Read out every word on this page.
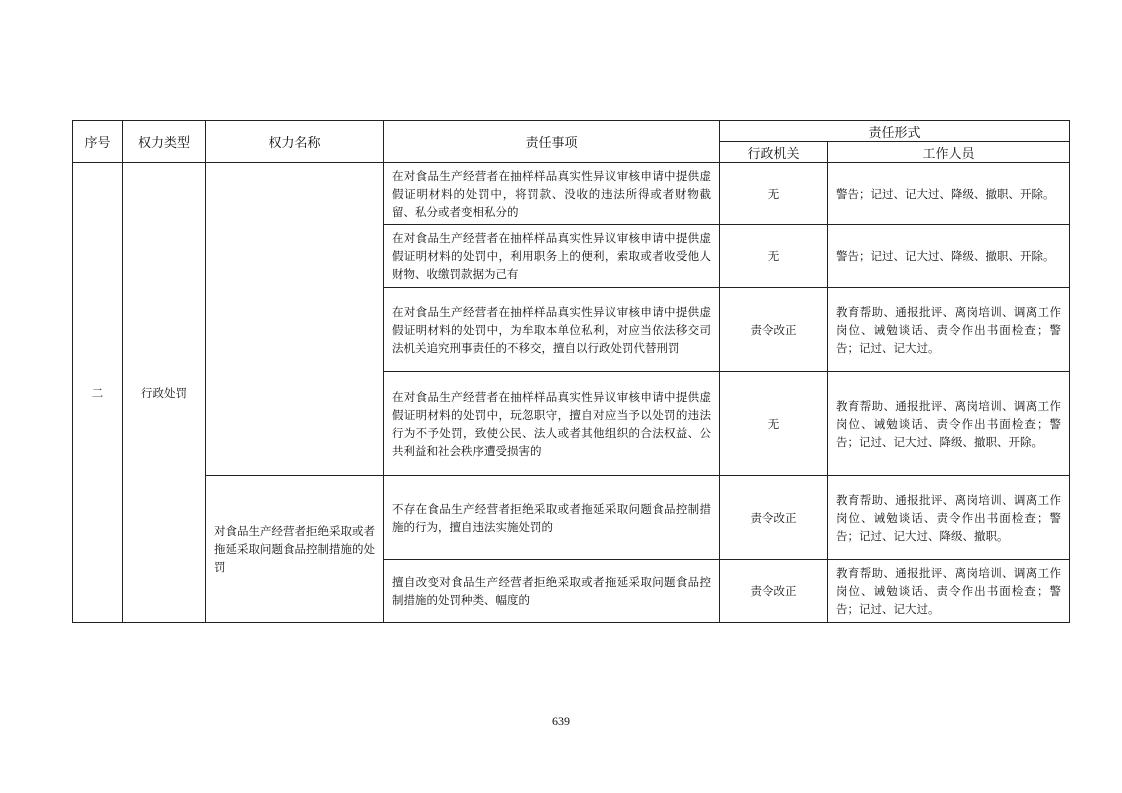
序号	权力类型	权力名称	责任事项	责任形式	
				行政机关	工作人员
二	行政处罚		在对食品生产经营者在抽样样品真实性异议审核申请中提供虚假证明材料的处罚中，将罚款、没收的违法所得或者财物截留、私分或者变相私分的	无	警告；记过、记大过、降级、撤职、开除。
			在对食品生产经营者在抽样样品真实性异议审核申请中提供虚假证明材料的处罚中，利用职务上的便利，索取或者收受他人财物、收缴罚款据为己有	无	警告；记过、记大过、降级、撤职、开除。
			在对食品生产经营者在抽样样品真实性异议审核申请中提供虚假证明材料的处罚中，为牟取本单位私利，对应当依法移交司法机关追究刑事责任的不移交，擅自以行政处罚代替刑罚	责令改正	教育帮助、通报批评、离岗培训、调离工作岗位、诫勉谈话、责令作出书面检查；警告；记过、记大过。
			在对食品生产经营者在抽样样品真实性异议审核申请中提供虚假证明材料的处罚中，玩忽职守，擅自对应当予以处罚的违法行为不予处罚，致使公民、法人或者其他组织的合法权益、公共利益和社会秩序遭受损害的	无	教育帮助、通报批评、离岗培训、调离工作岗位、诫勉谈话、责令作出书面检查；警告；记过、记大过、降级、撤职、开除。
		对食品生产经营者拒绝采取或者拖延采取问题食品控制措施的处罚	不存在食品生产经营者拒绝采取或者拖延采取问题食品控制措施的行为，擅自违法实施处罚的	责令改正	教育帮助、通报批评、离岗培训、调离工作岗位、诫勉谈话、责令作出书面检查；警告；记过、记大过、降级、撤职。
			擅自改变对食品生产经营者拒绝采取或者拖延采取问题食品控制措施的处罚种类、幅度的	责令改正	教育帮助、通报批评、离岗培训、调离工作岗位、诫勉谈话、责令作出书面检查；警告；记过、记大过。
639
